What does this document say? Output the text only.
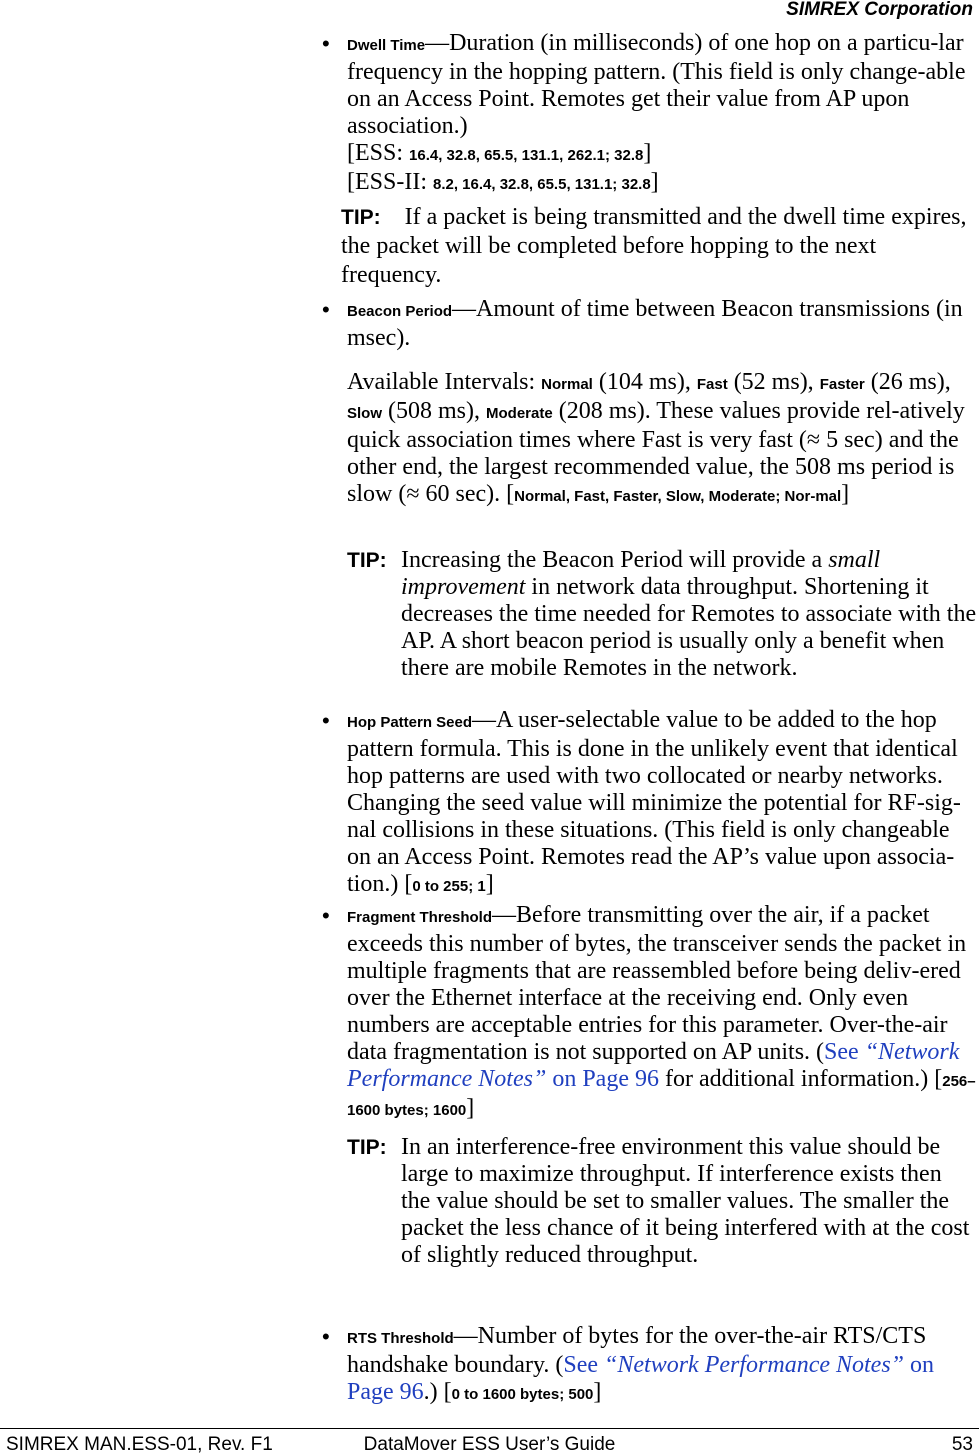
SIMREX Corporation
• Dwell Time—Duration (in milliseconds) of one hop on a particu-lar frequency in the hopping pattern. (This field is only change-able on an Access Point. Remotes get their value from AP upon association.)
[ESS: 16.4, 32.8, 65.5, 131.1, 262.1; 32.8]
[ESS-II: 8.2, 16.4, 32.8, 65.5, 131.1; 32.8]
TIP: If a packet is being transmitted and the dwell time expires, the packet will be completed before hopping to the next frequency.
• Beacon Period—Amount of time between Beacon transmissions (in msec).
Available Intervals: Normal (104 ms), Fast (52 ms), Faster (26 ms), Slow (508 ms), Moderate (208 ms). These values provide rel-atively quick association times where Fast is very fast (≈ 5 sec) and the other end, the largest recommended value, the 508 ms period is slow (≈ 60 sec). [Normal, Fast, Faster, Slow, Moderate; Nor-mal]
TIP: Increasing the Beacon Period will provide a small improvement in network data throughput. Shortening it decreases the time needed for Remotes to associate with the AP. A short beacon period is usually only a benefit when there are mobile Remotes in the network.
• Hop Pattern Seed—A user-selectable value to be added to the hop pattern formula. This is done in the unlikely event that identical hop patterns are used with two collocated or nearby networks. Changing the seed value will minimize the potential for RF-sig-nal collisions in these situations. (This field is only changeable on an Access Point. Remotes read the AP’s value upon associa-tion.) [0 to 255; 1]
• Fragment Threshold—Before transmitting over the air, if a packet exceeds this number of bytes, the transceiver sends the packet in multiple fragments that are reassembled before being deliv-ered over the Ethernet interface at the receiving end. Only even numbers are acceptable entries for this parameter. Over-the-air data fragmentation is not supported on AP units. (See “Network Performance Notes” on Page 96 for additional information.) [256–1600 bytes; 1600]
TIP: In an interference-free environment this value should be large to maximize throughput. If interference exists then the value should be set to smaller values. The smaller the packet the less chance of it being interfered with at the cost of slightly reduced throughput.
• RTS Threshold—Number of bytes for the over-the-air RTS/CTS handshake boundary. (See “Network Performance Notes” on Page 96.) [0 to 1600 bytes; 500]
SIMREX MAN.ESS-01, Rev. F1	DataMover ESS User’s Guide	53
